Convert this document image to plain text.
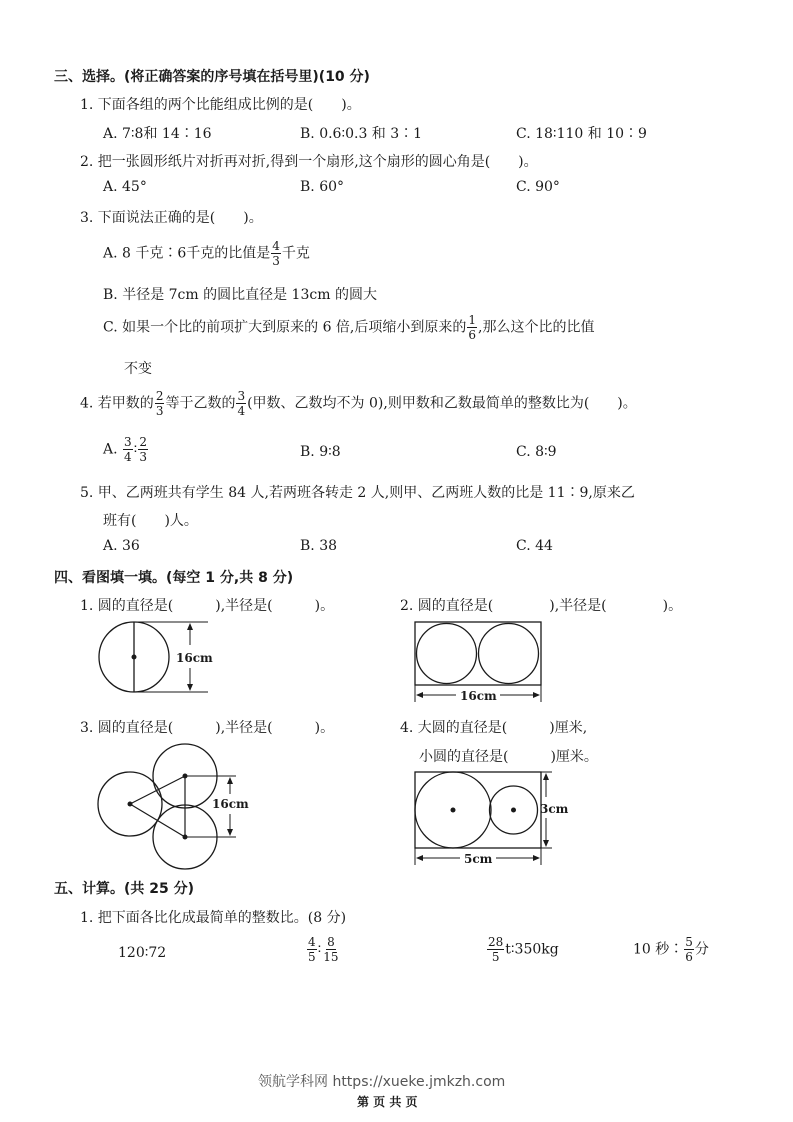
三、选择。(将正确答案的序号填在括号里)(10 分)
1. 下面各组的两个比能组成比例的是(　　)。
A. 7∶8和 14∶16	B. 0.6∶0.3 和 3∶1	C. 18∶110 和 10∶9
2. 把一张圆形纸片对折再对折,得到一个扇形,这个扇形的圆心角是(　　)。
A. 45°	B. 60°	C. 90°
3. 下面说法正确的是(　　)。
A. 8 千克∶6千克的比值是 $\frac{4}{3}$ 千克
B. 半径是 7cm 的圆比直径是 13cm 的圆大
C. 如果一个比的前项扩大到原来的 6 倍,后项缩小到原来的 $\frac{1}{6}$ ,那么这个比的比值
不变
4. 若甲数的 $\frac{2}{3}$ 等于乙数的 $\frac{3}{4}$ (甲数、乙数均不为 0),则甲数和乙数最简单的整数比为(　　)。
A. $\frac{3}{4}$ ∶ $\frac{2}{3}$	B. 9∶8	C. 8∶9
5. 甲、乙两班共有学生 84 人,若两班各转走 2 人,则甲、乙两班人数的比是 11∶9,原来乙
班有(　　)人。
A. 36	B. 38	C. 44
四、看图填一填。(每空 1 分,共 8 分)
1. 圆的直径是(　　　),半径是(　　　)。	2. 圆的直径是(　　　　),半径是(　　　　)。
16cm
16cm
3. 圆的直径是(　　　),半径是(　　　)。	4. 大圆的直径是(　　　)厘米,
小圆的直径是(　　　)厘米。
16cm	3cm
5cm
五、计算。(共 25 分)
1. 把下面各比化成最简单的整数比。(8 分)
120∶72	$\frac{4}{5}$ ∶ $\frac{8}{15}$	$\frac{28}{5}$ t∶350kg	10 秒∶ $\frac{5}{6}$ 分
领航学科网 https://xueke.jmkzh.com
第 页 共 页
